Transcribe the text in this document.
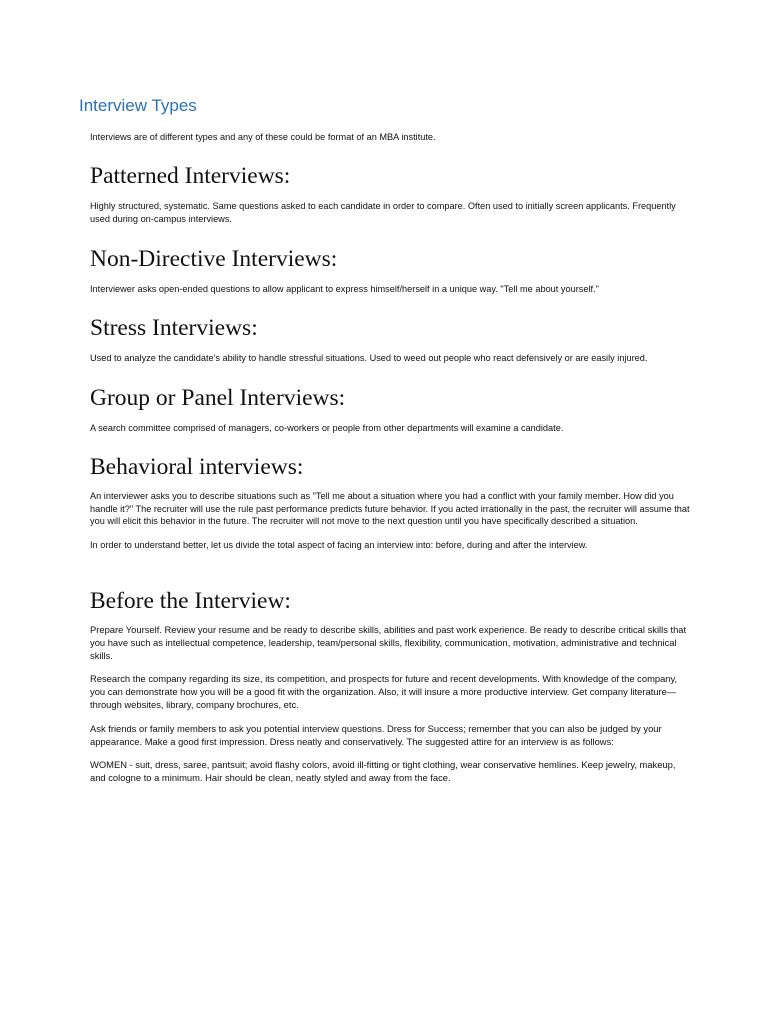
Interview Types

Interviews are of different types and any of these could be format of an MBA institute.

Patterned Interviews:

Highly structured, systematic. Same questions asked to each candidate in order to compare. Often used to initially screen applicants. Frequently used during on-campus interviews.

Non-Directive Interviews:

Interviewer asks open-ended questions to allow applicant to express himself/herself in a unique way. "Tell me about yourself."

Stress Interviews:

Used to analyze the candidate's ability to handle stressful situations. Used to weed out people who react defensively or are easily injured.

Group or Panel Interviews:

A search committee comprised of managers, co-workers or people from other departments will examine a candidate.

Behavioral interviews:

An interviewer asks you to describe situations such as "Tell me about a situation where you had a conflict with your family member. How did you handle it?" The recruiter will use the rule past performance predicts future behavior. If you acted irrationally in the past, the recruiter will assume that you will elicit this behavior in the future. The recruiter will not move to the next question until you have specifically described a situation.

In order to understand better, let us divide the total aspect of facing an interview into: before, during and after the interview.

Before the Interview:

Prepare Yourself. Review your resume and be ready to describe skills, abilities and past work experience. Be ready to describe critical skills that you have such as intellectual competence, leadership, team/personal skills, flexibility, communication, motivation, administrative and technical skills.

Research the company regarding its size, its competition, and prospects for future and recent developments. With knowledge of the company, you can demonstrate how you will be a good fit with the organization. Also, it will insure a more productive interview. Get company literature—through websites, library, company brochures, etc.

Ask friends or family members to ask you potential interview questions. Dress for Success; remember that you can also be judged by your appearance. Make a good first impression. Dress neatly and conservatively. The suggested attire for an interview is as follows:

WOMEN - suit, dress, saree, pantsuit; avoid flashy colors, avoid ill-fitting or tight clothing, wear conservative hemlines. Keep jewelry, makeup, and cologne to a minimum. Hair should be clean, neatly styled and away from the face.
